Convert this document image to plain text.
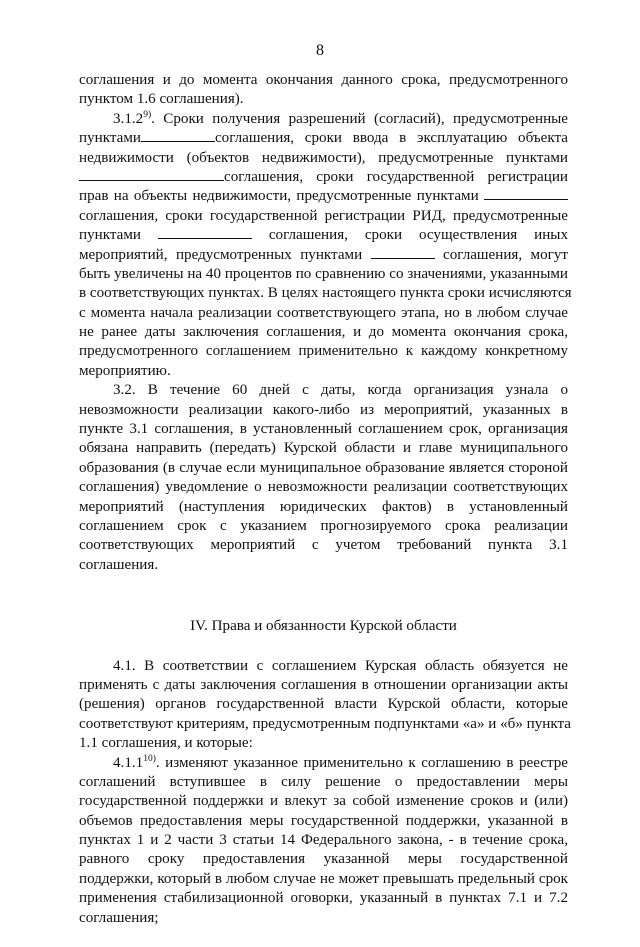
8
соглашения и до момента окончания данного срока, предусмотренного
пунктом 1.6 соглашения).
3.1.2$^{9)}$. Сроки получения разрешений (согласий), предусмотренные
пунктами	соглашения, сроки ввода в эксплуатацию объекта
недвижимости (объектов недвижимости), предусмотренные пунктами
соглашения, сроки государственной регистрации
прав на объекты недвижимости, предусмотренные пунктами
соглашения, сроки государственной регистрации РИД, предусмотренные
пунктами	соглашения, сроки осуществления иных
мероприятий, предусмотренных пунктами	соглашения, могут
быть увеличены на 40 процентов по сравнению со значениями, указанными
в соответствующих пунктах. В целях настоящего пункта сроки исчисляются
с момента начала реализации соответствующего этапа, но в любом случае
не ранее даты заключения соглашения, и до момента окончания срока,
предусмотренного соглашением применительно к каждому конкретному
мероприятию.
3.2. В течение 60 дней с даты, когда организация узнала о
невозможности реализации какого-либо из мероприятий, указанных в
пункте 3.1 соглашения, в установленный соглашением срок, организация
обязана направить (передать) Курской области и главе муниципального
образования (в случае если муниципальное образование является стороной
соглашения) уведомление о невозможности реализации соответствующих
мероприятий (наступления юридических фактов) в установленный
соглашением срок с указанием прогнозируемого срока реализации
соответствующих мероприятий с учетом требований пункта 3.1
соглашения.
IV. Права и обязанности Курской области
4.1. В соответствии с соглашением Курская область обязуется не
применять с даты заключения соглашения в отношении организации акты
(решения) органов государственной власти Курской области, которые
соответствуют критериям, предусмотренным подпунктами «а» и «б» пункта
1.1 соглашения, и которые:
4.1.1$^{10)}$. изменяют указанное применительно к соглашению в реестре
соглашений вступившее в силу решение о предоставлении меры
государственной поддержки и влекут за собой изменение сроков и (или)
объемов предоставления меры государственной поддержки, указанной в
пунктах 1 и 2 части 3 статьи 14 Федерального закона, - в течение срока,
равного сроку предоставления указанной меры государственной
поддержки, который в любом случае не может превышать предельный срок
применения стабилизационной оговорки, указанный в пунктах 7.1 и 7.2
соглашения;
